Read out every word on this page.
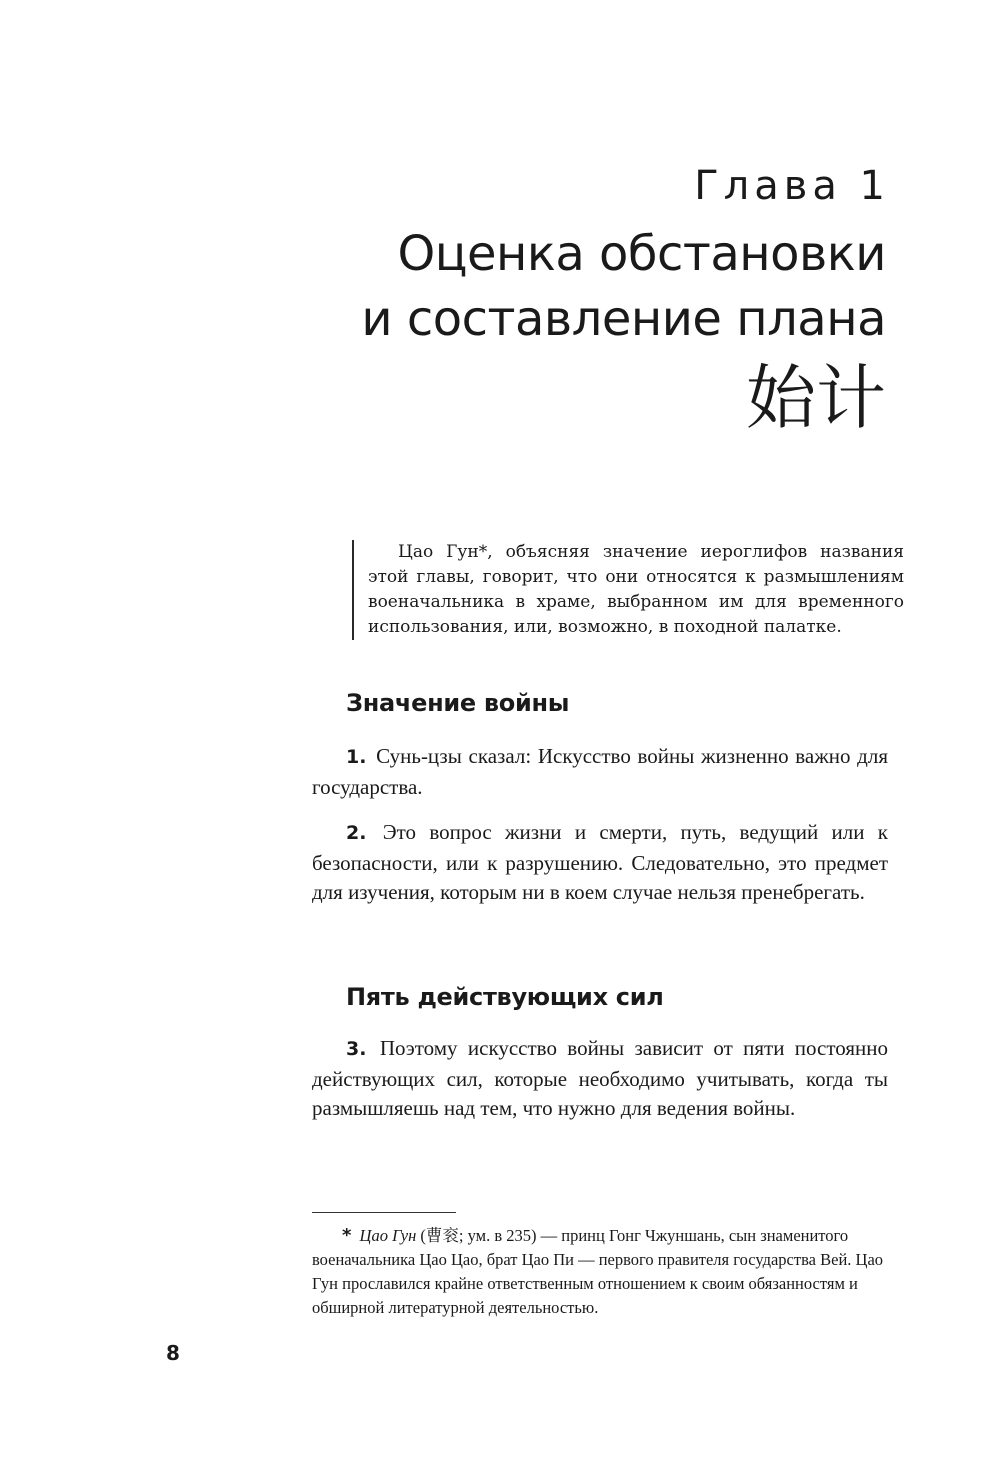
Глава 1
Оценка обстановки
и составление плана
始计

Цао Гун*, объясняя значение иероглифов названия этой главы, говорит, что они относятся к размышлениям военачальника в храме, выбранном им для временного использования, или, возможно, в походной палатке.

Значение войны

1. Сунь-цзы сказал: Искусство войны жизненно важно для государства.

2. Это вопрос жизни и смерти, путь, ведущий или к безопасности, или к разрушению. Следовательно, это предмет для изучения, которым ни в коем случае нельзя пренебрегать.

Пять действующих сил

3. Поэтому искусство войны зависит от пяти постоянно действующих сил, которые необходимо учитывать, когда ты размышляешь над тем, что нужно для ведения войны.

* Цао Гун (曹衮; ум. в 235) — принц Гонг Чжуншань, сын знаменитого военачальника Цао Цао, брат Цао Пи — первого правителя государства Вей. Цао Гун прославился крайне ответственным отношением к своим обязанностям и обширной литературной деятельностью.

8
